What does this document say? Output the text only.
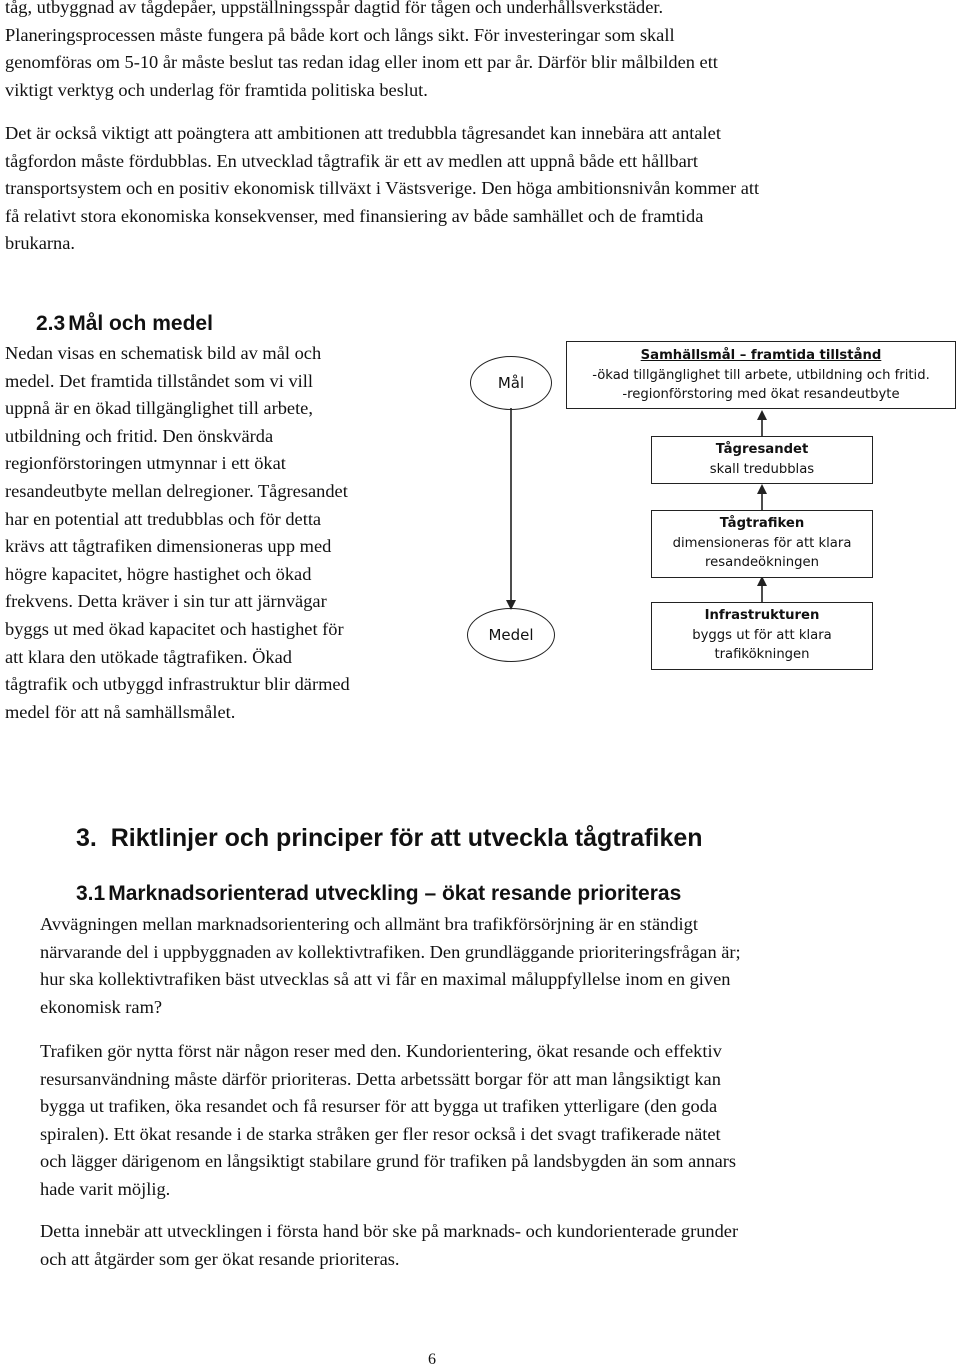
tåg, utbyggnad av tågdepåer, uppställningsspår dagtid för tågen och underhållsverkstäder.
Planeringsprocessen måste fungera på både kort och långs sikt. För investeringar som skall
genomföras om 5-10 år måste beslut tas redan idag eller inom ett par år. Därför blir målbilden ett
viktigt verktyg och underlag för framtida politiska beslut.
Det är också viktigt att poängtera att ambitionen att tredubbla tågresandet kan innebära att antalet
tågfordon måste fördubblas. En utvecklad tågtrafik är ett av medlen att uppnå både ett hållbart
transportsystem och en positiv ekonomisk tillväxt i Västsverige. Den höga ambitionsnivån kommer att
få relativt stora ekonomiska konsekvenser, med finansiering av både samhället och de framtida
brukarna.
2.3 Mål och medel
Nedan visas en schematisk bild av mål och
medel. Det framtida tillståndet som vi vill
uppnå är en ökad tillgänglighet till arbete,
utbildning och fritid. Den önskvärda
regionförstoringen utmynnar i ett ökat
resandeutbyte mellan delregioner. Tågresandet
har en potential att tredubblas och för detta
krävs att tågtrafiken dimensioneras upp med
högre kapacitet, högre hastighet och ökad
frekvens. Detta kräver i sin tur att järnvägar
byggs ut med ökad kapacitet och hastighet för
att klara den utökade tågtrafiken. Ökad
tågtrafik och utbyggd infrastruktur blir därmed
medel för att nå samhällsmålet.
Mål
Medel
Samhällsmål – framtida tillstånd
-ökad tillgänglighet till arbete, utbildning och fritid.
-regionförstoring med ökat resandeutbyte
Tågresandet
skall tredubblas
Tågtrafiken
dimensioneras för att klara
resandeökningen
Infrastrukturen
byggs ut för att klara
trafikökningen
3.  Riktlinjer och principer för att utveckla tågtrafiken
3.1 Marknadsorienterad utveckling – ökat resande prioriteras
Avvägningen mellan marknadsorientering och allmänt bra trafikförsörjning är en ständigt
närvarande del i uppbyggnaden av kollektivtrafiken. Den grundläggande prioriteringsfrågan är;
hur ska kollektivtrafiken bäst utvecklas så att vi får en maximal måluppfyllelse inom en given
ekonomisk ram?
Trafiken gör nytta först när någon reser med den. Kundorientering, ökat resande och effektiv
resursanvändning måste därför prioriteras. Detta arbetssätt borgar för att man långsiktigt kan
bygga ut trafiken, öka resandet och få resurser för att bygga ut trafiken ytterligare (den goda
spiralen). Ett ökat resande i de starka stråken ger fler resor också i det svagt trafikerade nätet
och lägger därigenom en långsiktigt stabilare grund för trafiken på landsbygden än som annars
hade varit möjlig.
Detta innebär att utvecklingen i första hand bör ske på marknads- och kundorienterade grunder
och att åtgärder som ger ökat resande prioriteras.
6
